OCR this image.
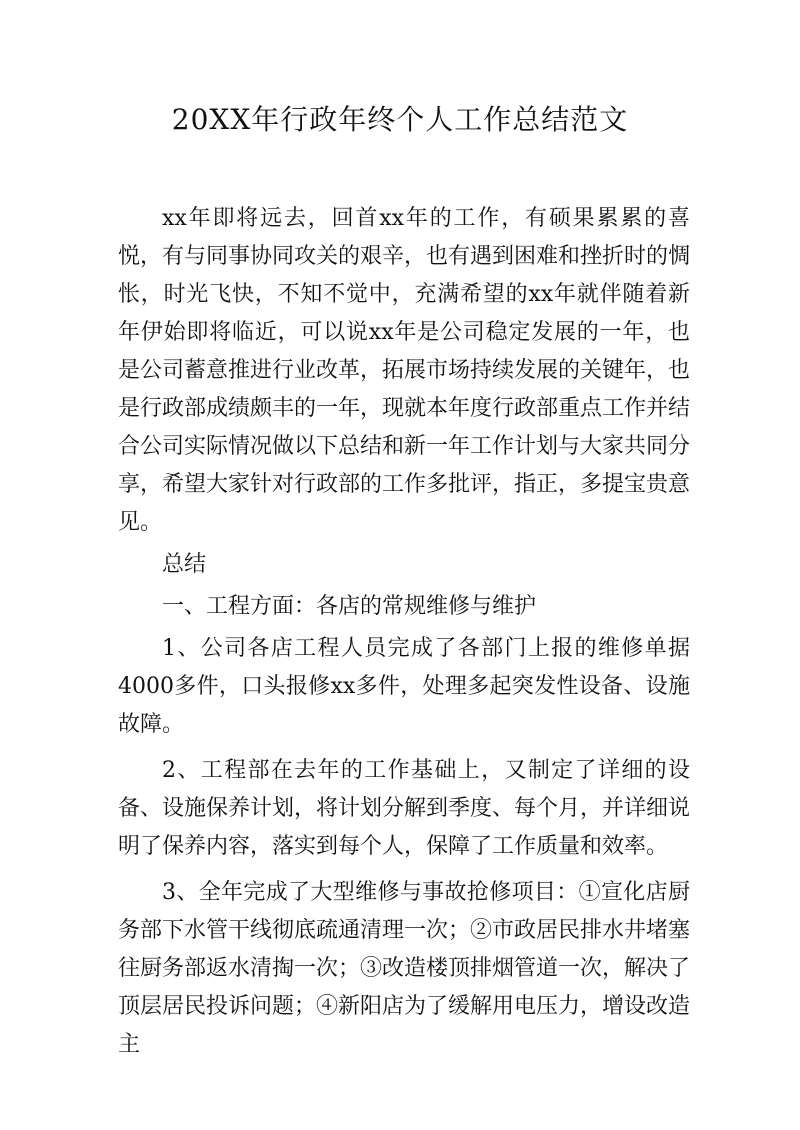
20XX年行政年终个人工作总结范文

xx年即将远去，回首xx年的工作，有硕果累累的喜悦，有与同事协同攻关的艰辛，也有遇到困难和挫折时的惆怅，时光飞快，不知不觉中，充满希望的xx年就伴随着新年伊始即将临近，可以说xx年是公司稳定发展的一年，也是公司蓄意推进行业改革，拓展市场持续发展的关键年，也是行政部成绩颇丰的一年，现就本年度行政部重点工作并结合公司实际情况做以下总结和新一年工作计划与大家共同分享，希望大家针对行政部的工作多批评，指正，多提宝贵意见。

总结

一、工程方面：各店的常规维修与维护

1、公司各店工程人员完成了各部门上报的维修单据4000多件，口头报修xx多件，处理多起突发性设备、设施故障。

2、工程部在去年的工作基础上，又制定了详细的设备、设施保养计划，将计划分解到季度、每个月，并详细说明了保养内容，落实到每个人，保障了工作质量和效率。

3、全年完成了大型维修与事故抢修项目：①宣化店厨务部下水管干线彻底疏通清理一次；②市政居民排水井堵塞往厨务部返水清掏一次；③改造楼顶排烟管道一次，解决了顶层居民投诉问题；④新阳店为了缓解用电压力，增设改造主
